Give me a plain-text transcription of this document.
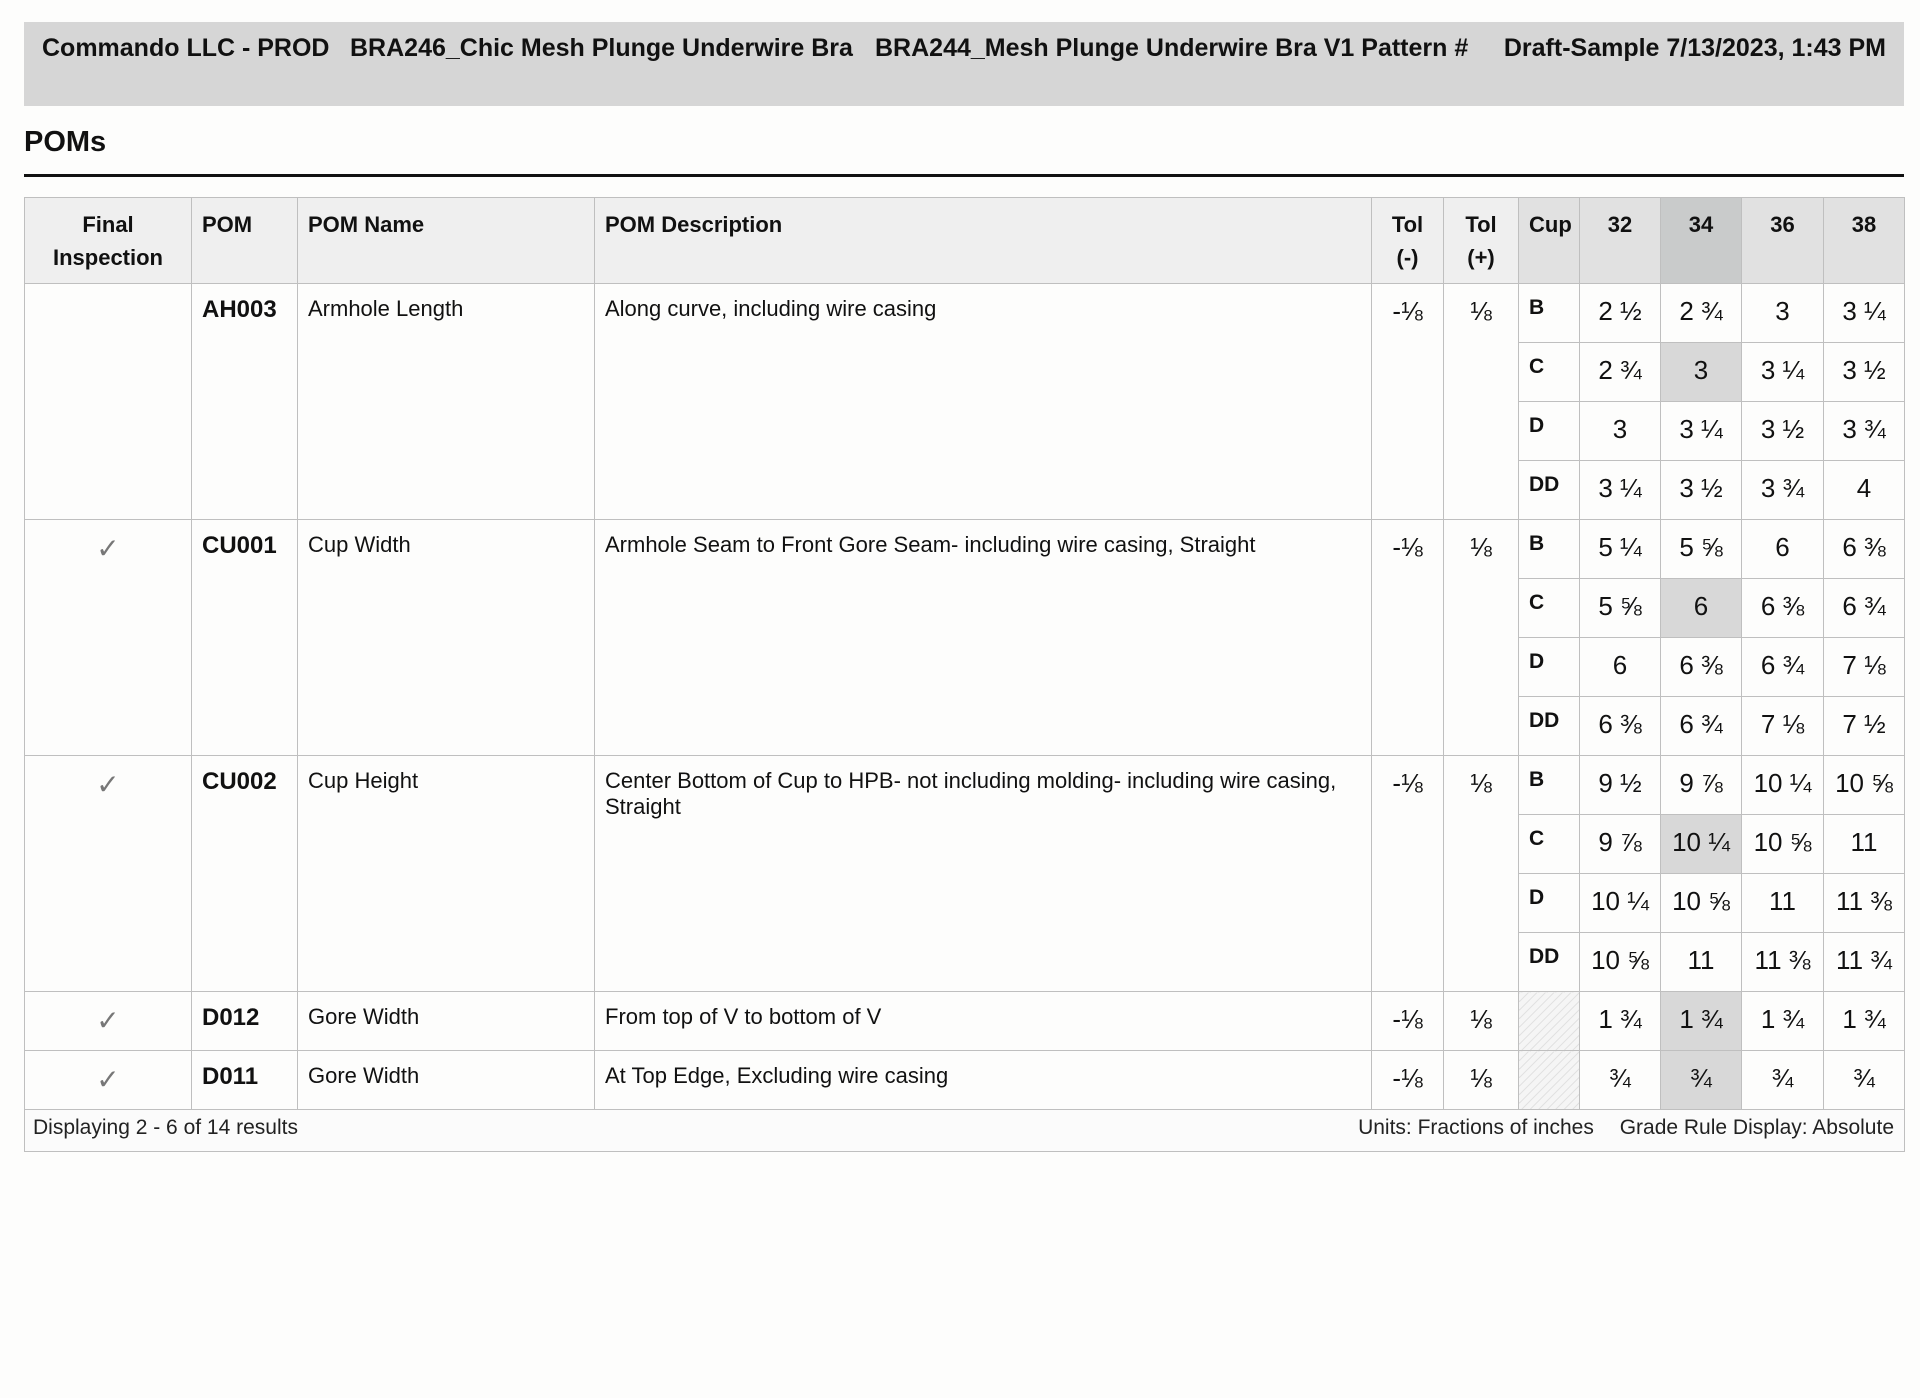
Commando LLC - PROD BRA246_Chic Mesh Plunge Underwire Bra BRA244_Mesh Plunge Underwire Bra V1 Pattern #	Draft-Sample 7/13/2023, 1:43 PM
POMs
Final Inspection	POM	POM Name	POM Description	Tol (-)	Tol (+)	Cup	32	34	36	38
	AH003	Armhole Length	Along curve, including wire casing	-⅛	⅛	B	2 ½	2 ¾	3	3 ¼
						C	2 ¾	3	3 ¼	3 ½
						D	3	3 ¼	3 ½	3 ¾
						DD	3 ¼	3 ½	3 ¾	4
✓	CU001	Cup Width	Armhole Seam to Front Gore Seam- including wire casing, Straight	-⅛	⅛	B	5 ¼	5 ⅝	6	6 ⅜
						C	5 ⅝	6	6 ⅜	6 ¾
						D	6	6 ⅜	6 ¾	7 ⅛
						DD	6 ⅜	6 ¾	7 ⅛	7 ½
✓	CU002	Cup Height	Center Bottom of Cup to HPB- not including molding- including wire casing, Straight	-⅛	⅛	B	9 ½	9 ⅞	10 ¼	10 ⅝
						C	9 ⅞	10 ¼	10 ⅝	11
						D	10 ¼	10 ⅝	11	11 ⅜
						DD	10 ⅝	11	11 ⅜	11 ¾
✓	D012	Gore Width	From top of V to bottom of V	-⅛	⅛		1 ¾	1 ¾	1 ¾	1 ¾
✓	D011	Gore Width	At Top Edge, Excluding wire casing	-⅛	⅛		¾	¾	¾	¾

Displaying 2 - 6 of 14 results Units: Fractions of inches Grade Rule Display: Absolute										
